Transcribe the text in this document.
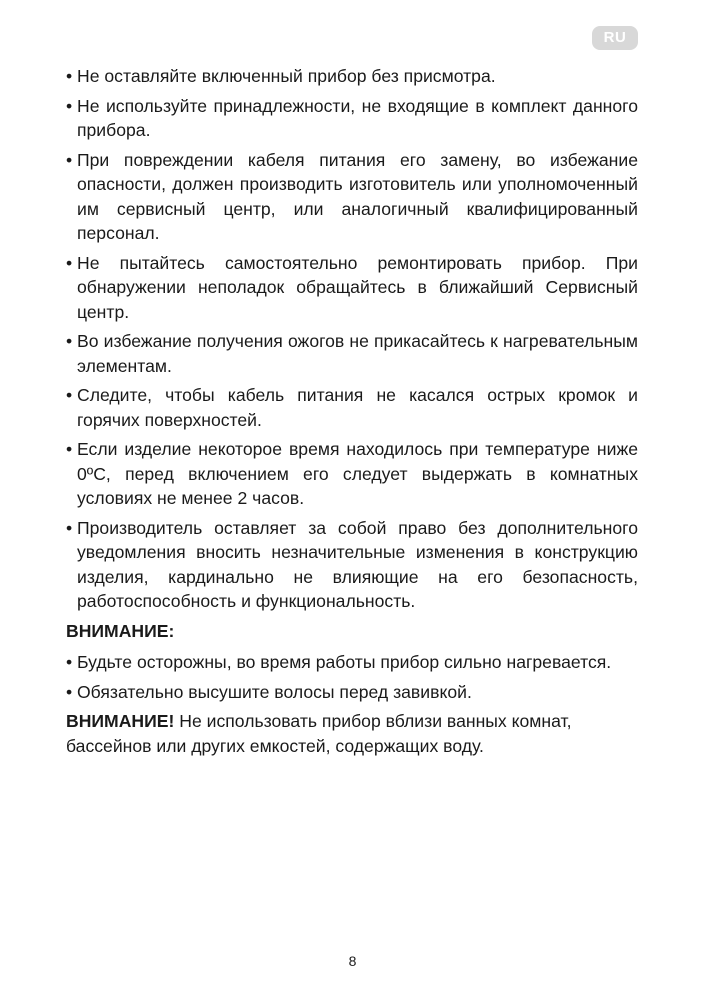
RU
• Не оставляйте включенный прибор без присмотра.
• Не используйте принадлежности, не входящие в комплект данного прибора.
• При повреждении кабеля питания его замену, во избежание опасности, должен производить изготовитель или уполномоченный им сервисный центр, или аналогичный квалифицированный персонал.
• Не пытайтесь самостоятельно ремонтировать прибор. При обнаружении неполадок обращайтесь в ближайший Сервисный центр.
• Во избежание получения ожогов не прикасайтесь к нагревательным элементам.
• Следите, чтобы кабель питания не касался острых кромок и горячих поверхностей.
• Если изделие некоторое время находилось при температуре ниже 0ºC, перед включением его следует выдержать в комнатных условиях не менее 2 часов.
• Производитель оставляет за собой право без дополнительного уведомления вносить незначительные изменения в конструкцию изделия, кардинально не влияющие на его безопасность, работоспособность и функциональность.
ВНИМАНИЕ:
• Будьте осторожны, во время работы прибор сильно нагревается.
• Обязательно высушите волосы перед завивкой.

ВНИМАНИЕ! Не использовать прибор вблизи ванных комнат, бассейнов или других емкостей, содержащих воду.

8
